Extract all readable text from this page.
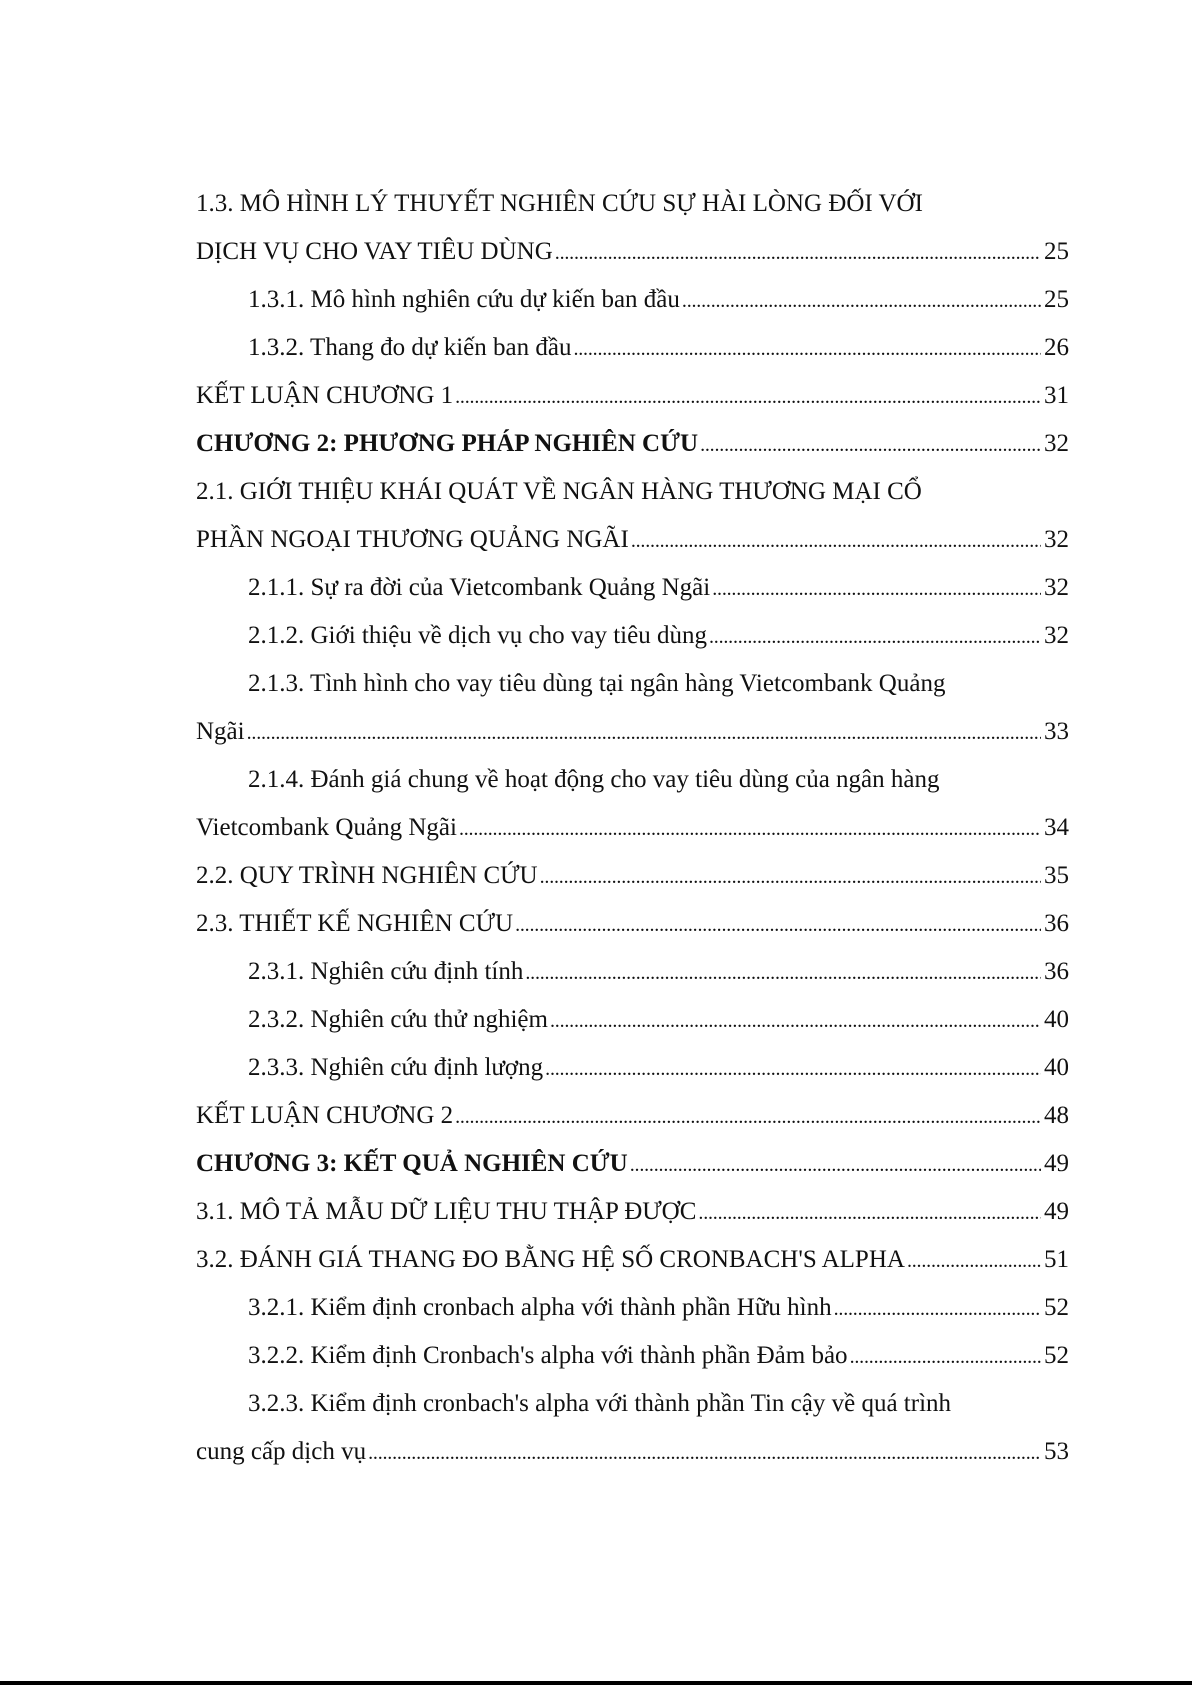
1.3. MÔ HÌNH LÝ THUYẾT NGHIÊN CỨU SỰ HÀI LÒNG ĐỐI VỚI
DỊCH VỤ CHO VAY TIÊU DÙNG . . .	25
1.3.1. Mô hình nghiên cứu dự kiến ban đầu . . .	25
1.3.2. Thang đo dự kiến ban đầu . . .	26
KẾT LUẬN CHƯƠNG 1 . . .	31
CHƯƠNG 2: PHƯƠNG PHÁP NGHIÊN CỨU . . .	32
2.1. GIỚI THIỆU KHÁI QUÁT VỀ NGÂN HÀNG THƯƠNG MẠI CỔ
PHẦN NGOẠI THƯƠNG QUẢNG NGÃI . . .	32
2.1.1. Sự ra đời của Vietcombank Quảng Ngãi . . .	32
2.1.2. Giới thiệu về dịch vụ cho vay tiêu dùng . . .	32
2.1.3. Tình hình cho vay tiêu dùng tại ngân hàng Vietcombank Quảng
Ngãi . . .	33
2.1.4. Đánh giá chung về hoạt động cho vay tiêu dùng của ngân hàng
Vietcombank Quảng Ngãi . . .	34
2.2. QUY TRÌNH NGHIÊN CỨU . . .	35
2.3. THIẾT KẾ NGHIÊN CỨU . . .	36
2.3.1. Nghiên cứu định tính . . .	36
2.3.2. Nghiên cứu thử nghiệm . . .	40
2.3.3. Nghiên cứu định lượng . . .	40
KẾT LUẬN CHƯƠNG 2 . . .	48
CHƯƠNG 3: KẾT QUẢ NGHIÊN CỨU . . .	49
3.1. MÔ TẢ MẪU DỮ LIỆU THU THẬP ĐƯỢC . . .	49
3.2. ĐÁNH GIÁ THANG ĐO BẰNG HỆ SỐ CRONBACH'S ALPHA . . .	51
3.2.1. Kiểm định cronbach alpha với thành phần Hữu hình . . .	52
3.2.2. Kiểm định Cronbach's alpha với thành phần Đảm bảo . . .	52
3.2.3. Kiểm định cronbach's alpha với thành phần Tin cậy về quá trình
cung cấp dịch vụ . . .	53
